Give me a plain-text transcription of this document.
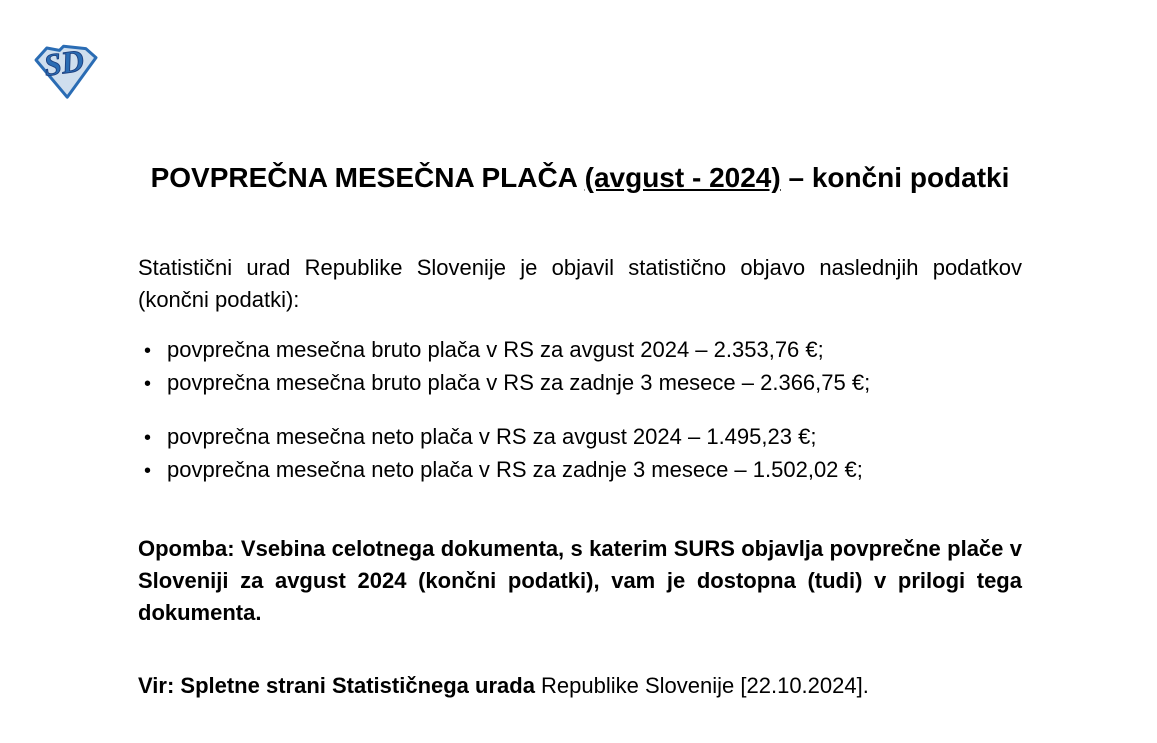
SD
POVPREČNA MESEČNA PLAČA (avgust - 2024) – končni podatki

Statistični urad Republike Slovenije je objavil statistično objavo naslednjih podatkov (končni podatki):

• povprečna mesečna bruto plača v RS za avgust 2024 – 2.353,76 €;
• povprečna mesečna bruto plača v RS za zadnje 3 mesece – 2.366,75 €;
• povprečna mesečna neto plača v RS za avgust 2024 – 1.495,23 €;
• povprečna mesečna neto plača v RS za zadnje 3 mesece – 1.502,02 €;

Opomba: Vsebina celotnega dokumenta, s katerim SURS objavlja povprečne plače v Sloveniji za avgust 2024 (končni podatki), vam je dostopna (tudi) v prilogi tega dokumenta.

Vir: Spletne strani Statističnega urada Republike Slovenije [22.10.2024].
